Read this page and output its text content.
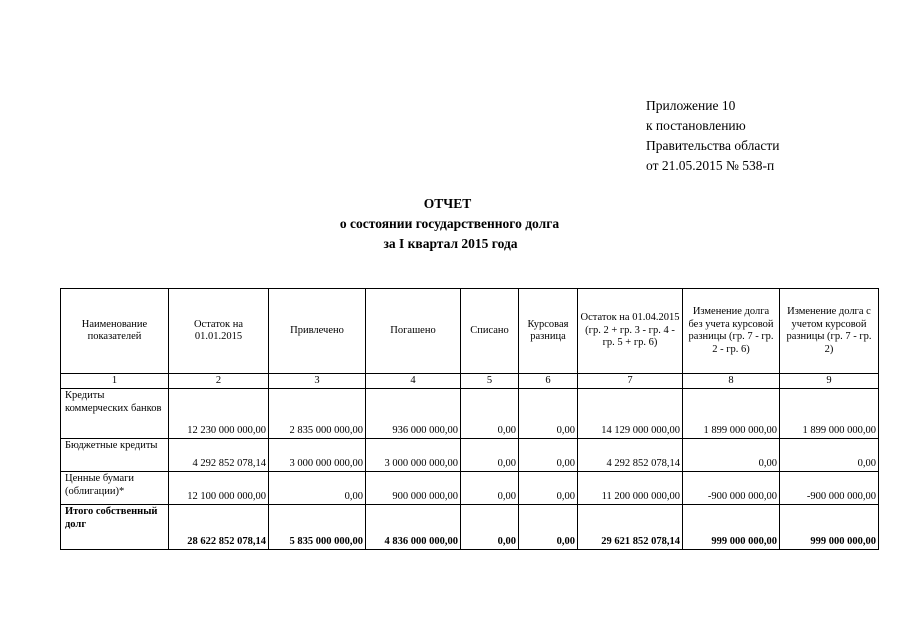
Приложение 10
к постановлению
Правительства области
от 21.05.2015 № 538-п
ОТЧЕТ
о состоянии государственного долга
за I квартал 2015 года
Наименование показателей	Остаток на 01.01.2015	Привлечено	Погашено	Списано	Курсовая разница	Остаток на 01.04.2015 (гр. 2 + гр. 3 - гр. 4 - гр. 5 + гр. 6)	Изменение долга без учета курсовой разницы (гр. 7 - гр. 2 - гр. 6)	Изменение долга с учетом курсовой разницы (гр. 7 - гр. 2)
1	2	3	4	5	6	7	8	9
Кредиты коммерческих банков	12 230 000 000,00	2 835 000 000,00	936 000 000,00	0,00	0,00	14 129 000 000,00	1 899 000 000,00	1 899 000 000,00
Бюджетные кредиты	4 292 852 078,14	3 000 000 000,00	3 000 000 000,00	0,00	0,00	4 292 852 078,14	0,00	0,00
Ценные бумаги (облигации)*	12 100 000 000,00	0,00	900 000 000,00	0,00	0,00	11 200 000 000,00	-900 000 000,00	-900 000 000,00
Итого собственный долг	28 622 852 078,14	5 835 000 000,00	4 836 000 000,00	0,00	0,00	29 621 852 078,14	999 000 000,00	999 000 000,00
